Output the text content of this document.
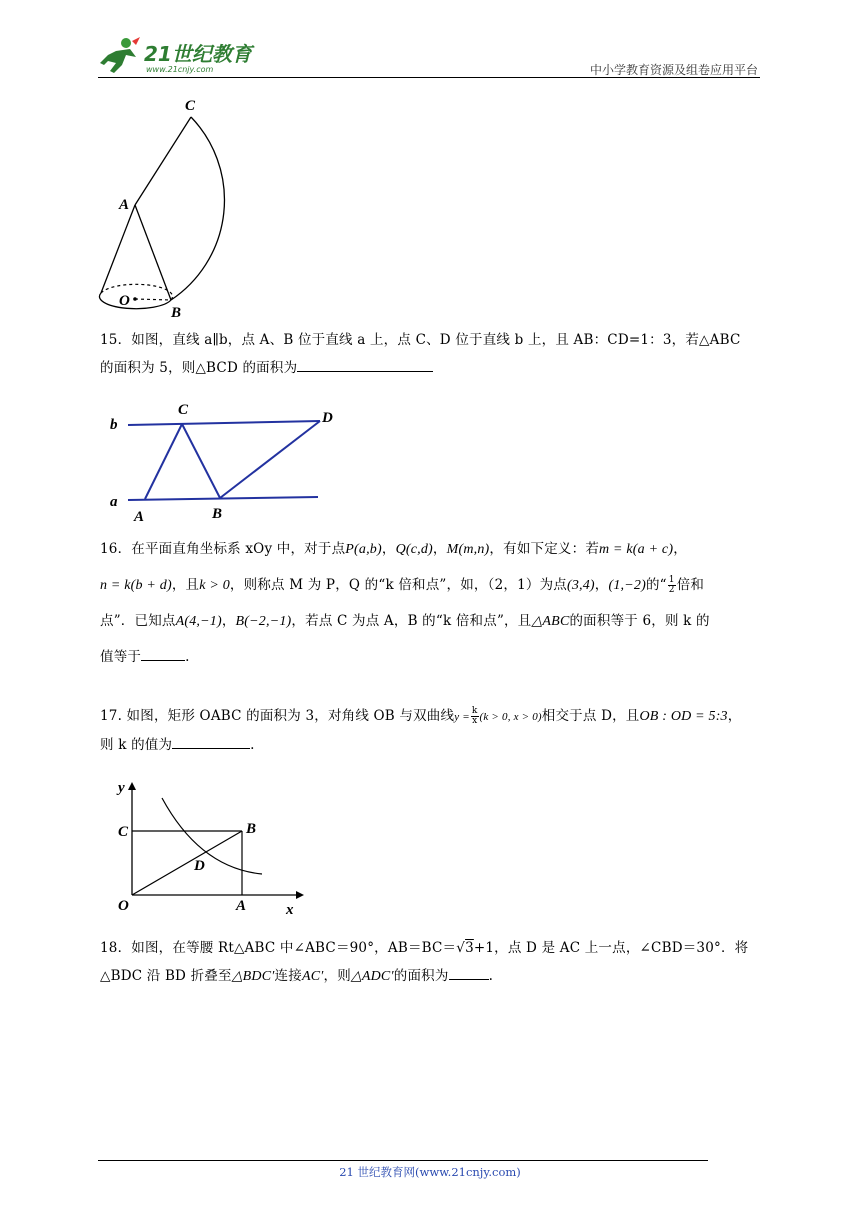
21世纪教育
www.21cnjy.com	中小学教育资源及组卷应用平台
C
A
O
B
15．如图，直线 a∥b，点 A、B 位于直线 a 上，点 C、D 位于直线 b 上，且 AB：CD=1：3，若△ABC
的面积为 5，则△BCD 的面积为
b
a
C	D
A	B
16．在平面直角坐标系 xOy 中，对于点P(a,b)，Q(c,d)，M(m,n)，有如下定义：若m = k(a + c)，
n = k(b + d)，且k > 0，则称点 M 为 P，Q 的“k 倍和点”，如，（2，1）为点(3,4)，(1,−2)的“ $\frac{1}{2}$ 倍和
点”．已知点A(4,−1)，B(−2,−1)，若点 C 为点 A，B 的“k 倍和点”，且△ABC的面积等于 6，则 k 的
值等于	.
17. 如图，矩形 OABC 的面积为 3，对角线 OB 与双曲线$y = \frac{k}{x} (k > 0$, x > 0)相交于点 D，且OB : OD = 5:3，
则 k 的值为	.
y
x
C	B
D
O	A
18．如图，在等腰 Rt△ABC 中∠ABC＝90°，AB＝BC＝√3+1，点 D 是 AC 上一点，∠CBD＝30°．将
△BDC 沿 BD 折叠至△BDC′连接AC′，则△ADC′的面积为	.
21 世纪教育网(www.21cnjy.com)
